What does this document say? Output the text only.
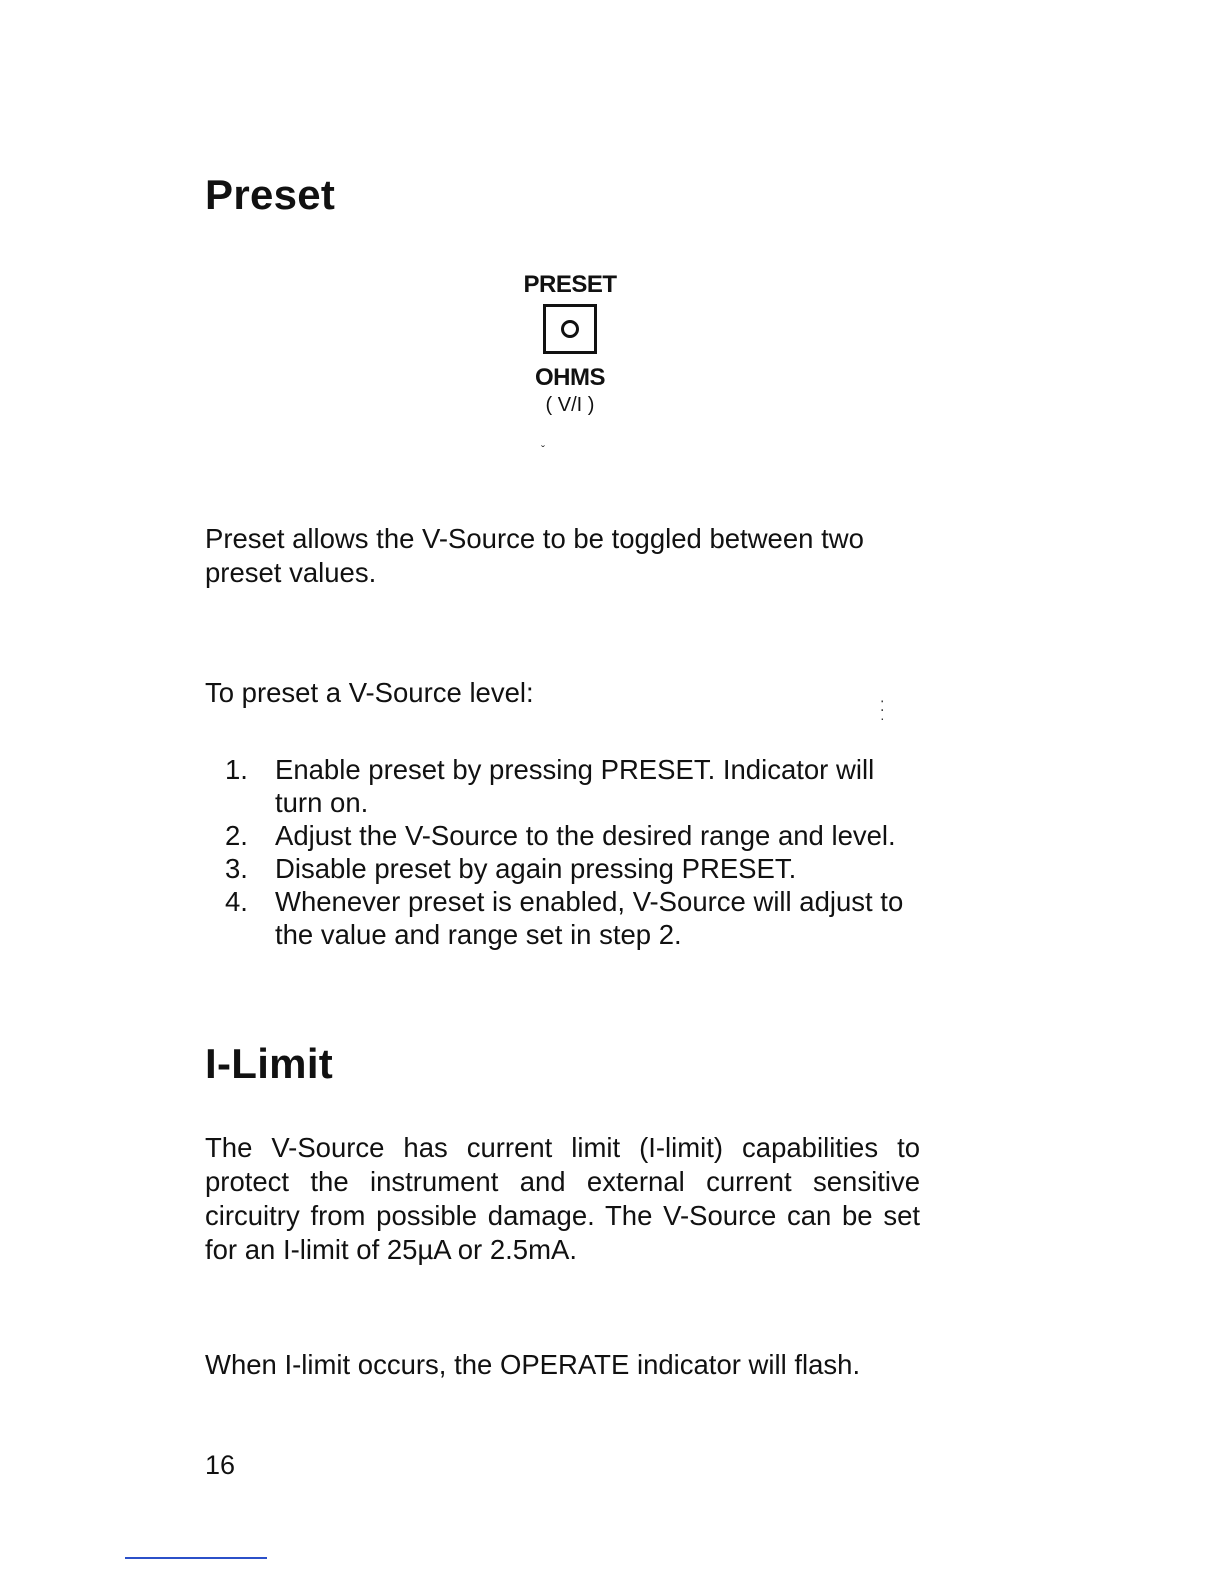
Preset
PRESET
OHMS
( V/I )
ˇ
⁚
·

Preset allows the V-Source to be toggled between two preset values.

To preset a V-Source level:

1. Enable preset by pressing PRESET. Indicator will turn on.
2. Adjust the V-Source to the desired range and level.
3. Disable preset by again pressing PRESET.
4. Whenever preset is enabled, V-Source will adjust to the value and range set in step 2.
I-Limit

The V-Source has current limit (I-limit) capabilities to protect the instrument and external current sensitive circuitry from possible damage. The V-Source can be set for an I-limit of 25µA or 2.5mA.

When I-limit occurs, the OPERATE indicator will flash.

16
